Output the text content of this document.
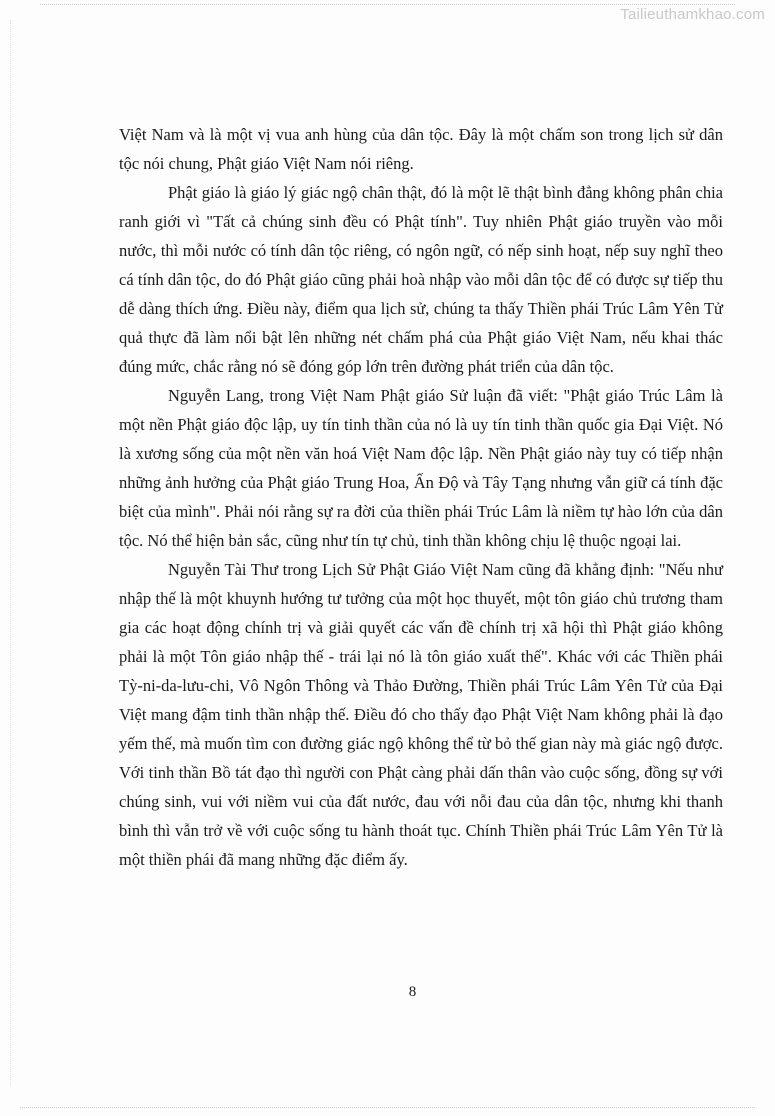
Tailieuthamkhao.com

Việt Nam và là một vị vua anh hùng của dân tộc. Đây là một chấm son trong lịch sử dân tộc nói chung, Phật giáo Việt Nam nói riêng.

Phật giáo là giáo lý giác ngộ chân thật, đó là một lẽ thật bình đẳng không phân chia ranh giới vì "Tất cả chúng sinh đều có Phật tính". Tuy nhiên Phật giáo truyền vào mỗi nước, thì mỗi nước có tính dân tộc riêng, có ngôn ngữ, có nếp sinh hoạt, nếp suy nghĩ theo cá tính dân tộc, do đó Phật giáo cũng phải hoà nhập vào mỗi dân tộc để có được sự tiếp thu dễ dàng thích ứng. Điều này, điểm qua lịch sử, chúng ta thấy Thiền phái Trúc Lâm Yên Tử quả thực đã làm nổi bật lên những nét chấm phá của Phật giáo Việt Nam, nếu khai thác đúng mức, chắc rằng nó sẽ đóng góp lớn trên đường phát triển của dân tộc.

Nguyễn Lang, trong Việt Nam Phật giáo Sử luận đã viết: "Phật giáo Trúc Lâm là một nền Phật giáo độc lập, uy tín tinh thần của nó là uy tín tinh thần quốc gia Đại Việt. Nó là xương sống của một nền văn hoá Việt Nam độc lập. Nền Phật giáo này tuy có tiếp nhận những ảnh hưởng của Phật giáo Trung Hoa, Ấn Độ và Tây Tạng nhưng vẫn giữ cá tính đặc biệt của mình". Phải nói rằng sự ra đời của thiền phái Trúc Lâm là niềm tự hào lớn của dân tộc. Nó thể hiện bản sắc, cũng như tín tự chủ, tinh thần không chịu lệ thuộc ngoại lai.

Nguyễn Tài Thư trong Lịch Sử Phật Giáo Việt Nam cũng đã khẳng định: "Nếu như nhập thế là một khuynh hướng tư tưởng của một học thuyết, một tôn giáo chủ trương tham gia các hoạt động chính trị và giải quyết các vấn đề chính trị xã hội thì Phật giáo không phải là một Tôn giáo nhập thế - trái lại nó là tôn giáo xuất thế". Khác với các Thiền phái Tỳ-ni-da-lưu-chi, Vô Ngôn Thông và Thảo Đường, Thiền phái Trúc Lâm Yên Tử của Đại Việt mang đậm tinh thần nhập thế. Điều đó cho thấy đạo Phật Việt Nam không phải là đạo yếm thế, mà muốn tìm con đường giác ngộ không thể từ bỏ thế gian này mà giác ngộ được. Với tinh thần Bồ tát đạo thì người con Phật càng phải dấn thân vào cuộc sống, đồng sự với chúng sinh, vui với niềm vui của đất nước, đau với nỗi đau của dân tộc, nhưng khi thanh bình thì vẫn trở về với cuộc sống tu hành thoát tục. Chính Thiền phái Trúc Lâm Yên Tử là một thiền phái đã mang những đặc điểm ấy.

8
